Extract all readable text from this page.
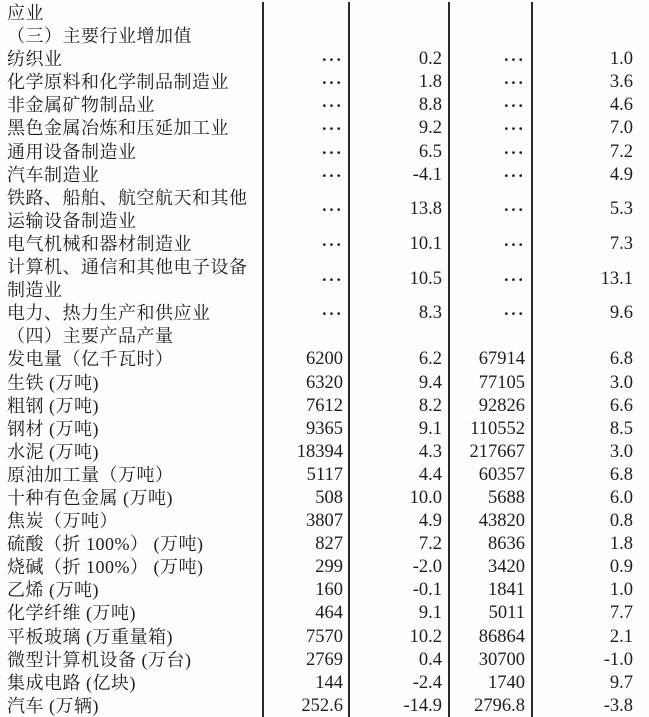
应业
（三）主要行业增加值
纺织业	···	0.2	···	1.0
化学原料和化学制品制造业	···	1.8	···	3.6
非金属矿物制品业	···	8.8	···	4.6
黑色金属冶炼和压延加工业	···	9.2	···	7.0
通用设备制造业	···	6.5	···	7.2
汽车制造业	···	-4.1	···	4.9
铁路、船舶、航空航天和其他运输设备制造业
···	13.8	···	5.3
电气机械和器材制造业	···	10.1	···	7.3
计算机、通信和其他电子设备制造业
···	10.5	···	13.1
电力、热力生产和供应业	···	8.3	···	9.6
（四）主要产品产量
发电量（亿千瓦时）	6200	6.2	67914	6.8
生铁 (万吨)	6320	9.4	77105	3.0
粗钢 (万吨)	7612	8.2	92826	6.6
钢材 (万吨)	9365	9.1	110552	8.5
水泥 (万吨)	18394	4.3	217667	3.0
原油加工量（万吨）	5117	4.4	60357	6.8
十种有色金属 (万吨)	508	10.0	5688	6.0
焦炭（万吨）	3807	4.9	43820	0.8
硫酸（折 100%） (万吨)	827	7.2	8636	1.8
烧碱（折 100%） (万吨)	299	-2.0	3420	0.9
乙烯 (万吨)	160	-0.1	1841	1.0
化学纤维 (万吨)	464	9.1	5011	7.7
平板玻璃 (万重量箱)	7570	10.2	86864	2.1
微型计算机设备 (万台)	2769	0.4	30700	-1.0
集成电路 (亿块)	144	-2.4	1740	9.7
汽车 (万辆)	252.6	-14.9	2796.8	-3.8
